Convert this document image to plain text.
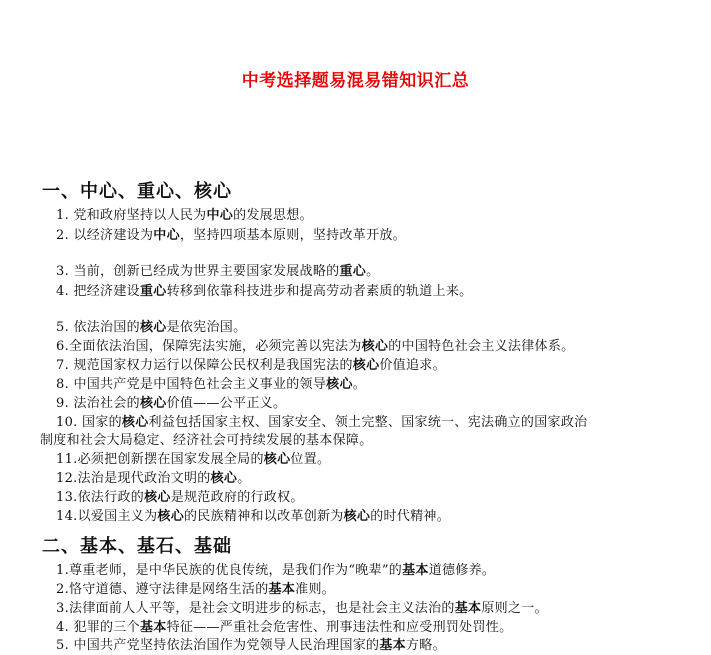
中考选择题易混易错知识汇总
一、中心、重心、核心

1. 党和政府坚持以人民为中心的发展思想。

2. 以经济建设为中心，坚持四项基本原则，坚持改革开放。

3. 当前，创新已经成为世界主要国家发展战略的重心。

4. 把经济建设重心转移到依靠科技进步和提高劳动者素质的轨道上来。

5. 依法治国的核心是依宪治国。

6.全面依法治国，保障宪法实施，必须完善以宪法为核心的中国特色社会主义法律体系。

7. 规范国家权力运行以保障公民权利是我国宪法的核心价值追求。

8. 中国共产党是中国特色社会主义事业的领导核心。

9. 法治社会的核心价值——公平正义。

10. 国家的核心利益包括国家主权、国家安全、领土完整、国家统一、宪法确立的国家政治

制度和社会大局稳定、经济社会可持续发展的基本保障。

11.必须把创新摆在国家发展全局的核心位置。

12.法治是现代政治文明的核心。

13.依法行政的核心是规范政府的行政权。

14.以爱国主义为核心的民族精神和以改革创新为核心的时代精神。

二、基本、基石、基础

1.尊重老师，是中华民族的优良传统，是我们作为“晚辈”的基本道德修养。

2.恪守道德、遵守法律是网络生活的基本准则。

3.法律面前人人平等，是社会文明进步的标志，也是社会主义法治的基本原则之一。

4. 犯罪的三个基本特征——严重社会危害性、刑事违法性和应受刑罚处罚性。

5. 中国共产党坚持依法治国作为党领导人民治理国家的基本方略。
